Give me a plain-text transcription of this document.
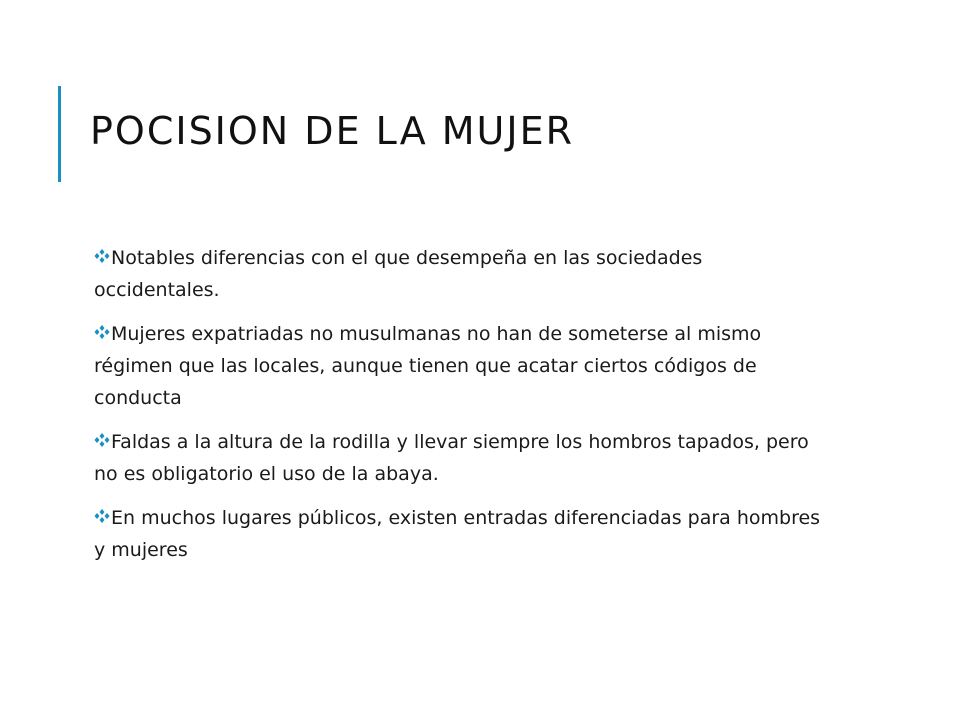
POCISION DE LA MUJER
Notables diferencias con el que desempeña en las sociedades occidentales.
Mujeres expatriadas no musulmanas no han de someterse al mismo régimen que las locales, aunque tienen que acatar ciertos códigos de conducta
Faldas a la altura de la rodilla y llevar siempre los hombros tapados, pero no es obligatorio el uso de la abaya.
En muchos lugares públicos, existen entradas diferenciadas para hombres y mujeres
